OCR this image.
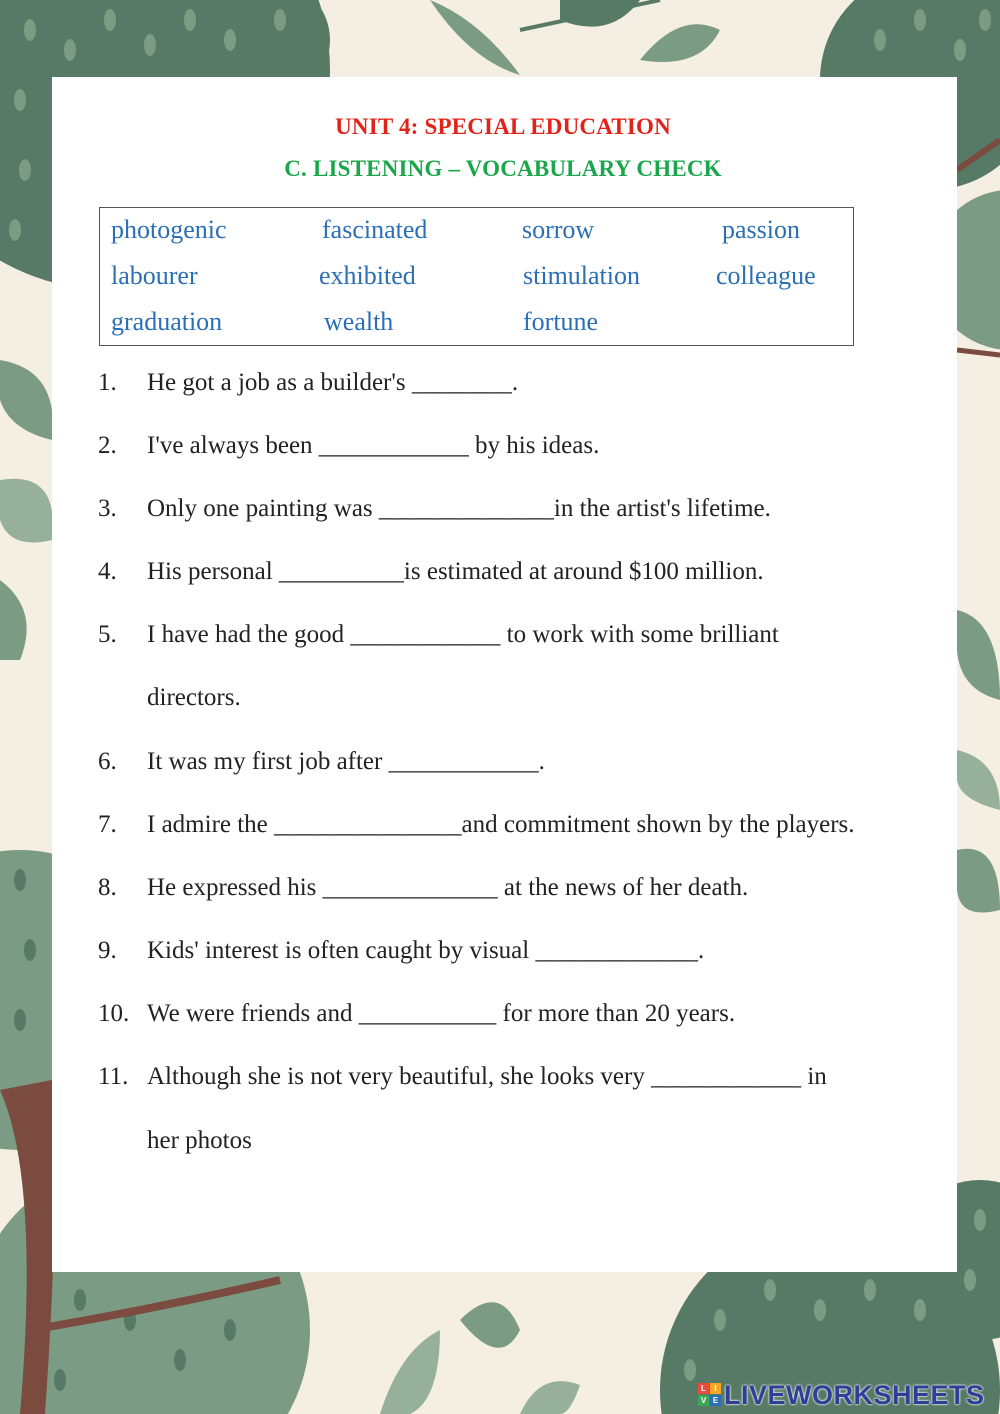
UNIT 4: SPECIAL EDUCATION
C. LISTENING – VOCABULARY CHECK
photogenic	fascinated	sorrow	passion
labourer	exhibited	stimulation	colleague
graduation	wealth	fortune
1. He got a job as a builder's ________.
2. I've always been ____________ by his ideas.
3. Only one painting was ______________in the artist's lifetime.
4. His personal __________is estimated at around $100 million.
5. I have had the good ____________ to work with some brilliant
directors.
6. It was my first job after ____________.
7. I admire the _______________and commitment shown by the players.
8. He expressed his ______________ at the news of her death.
9. Kids' interest is often caught by visual _____________.
10. We were friends and ___________ for more than 20 years.
11. Although she is not very beautiful, she looks very ____________ in
her photos
L	I
V E LIVEWORKSHEETS
